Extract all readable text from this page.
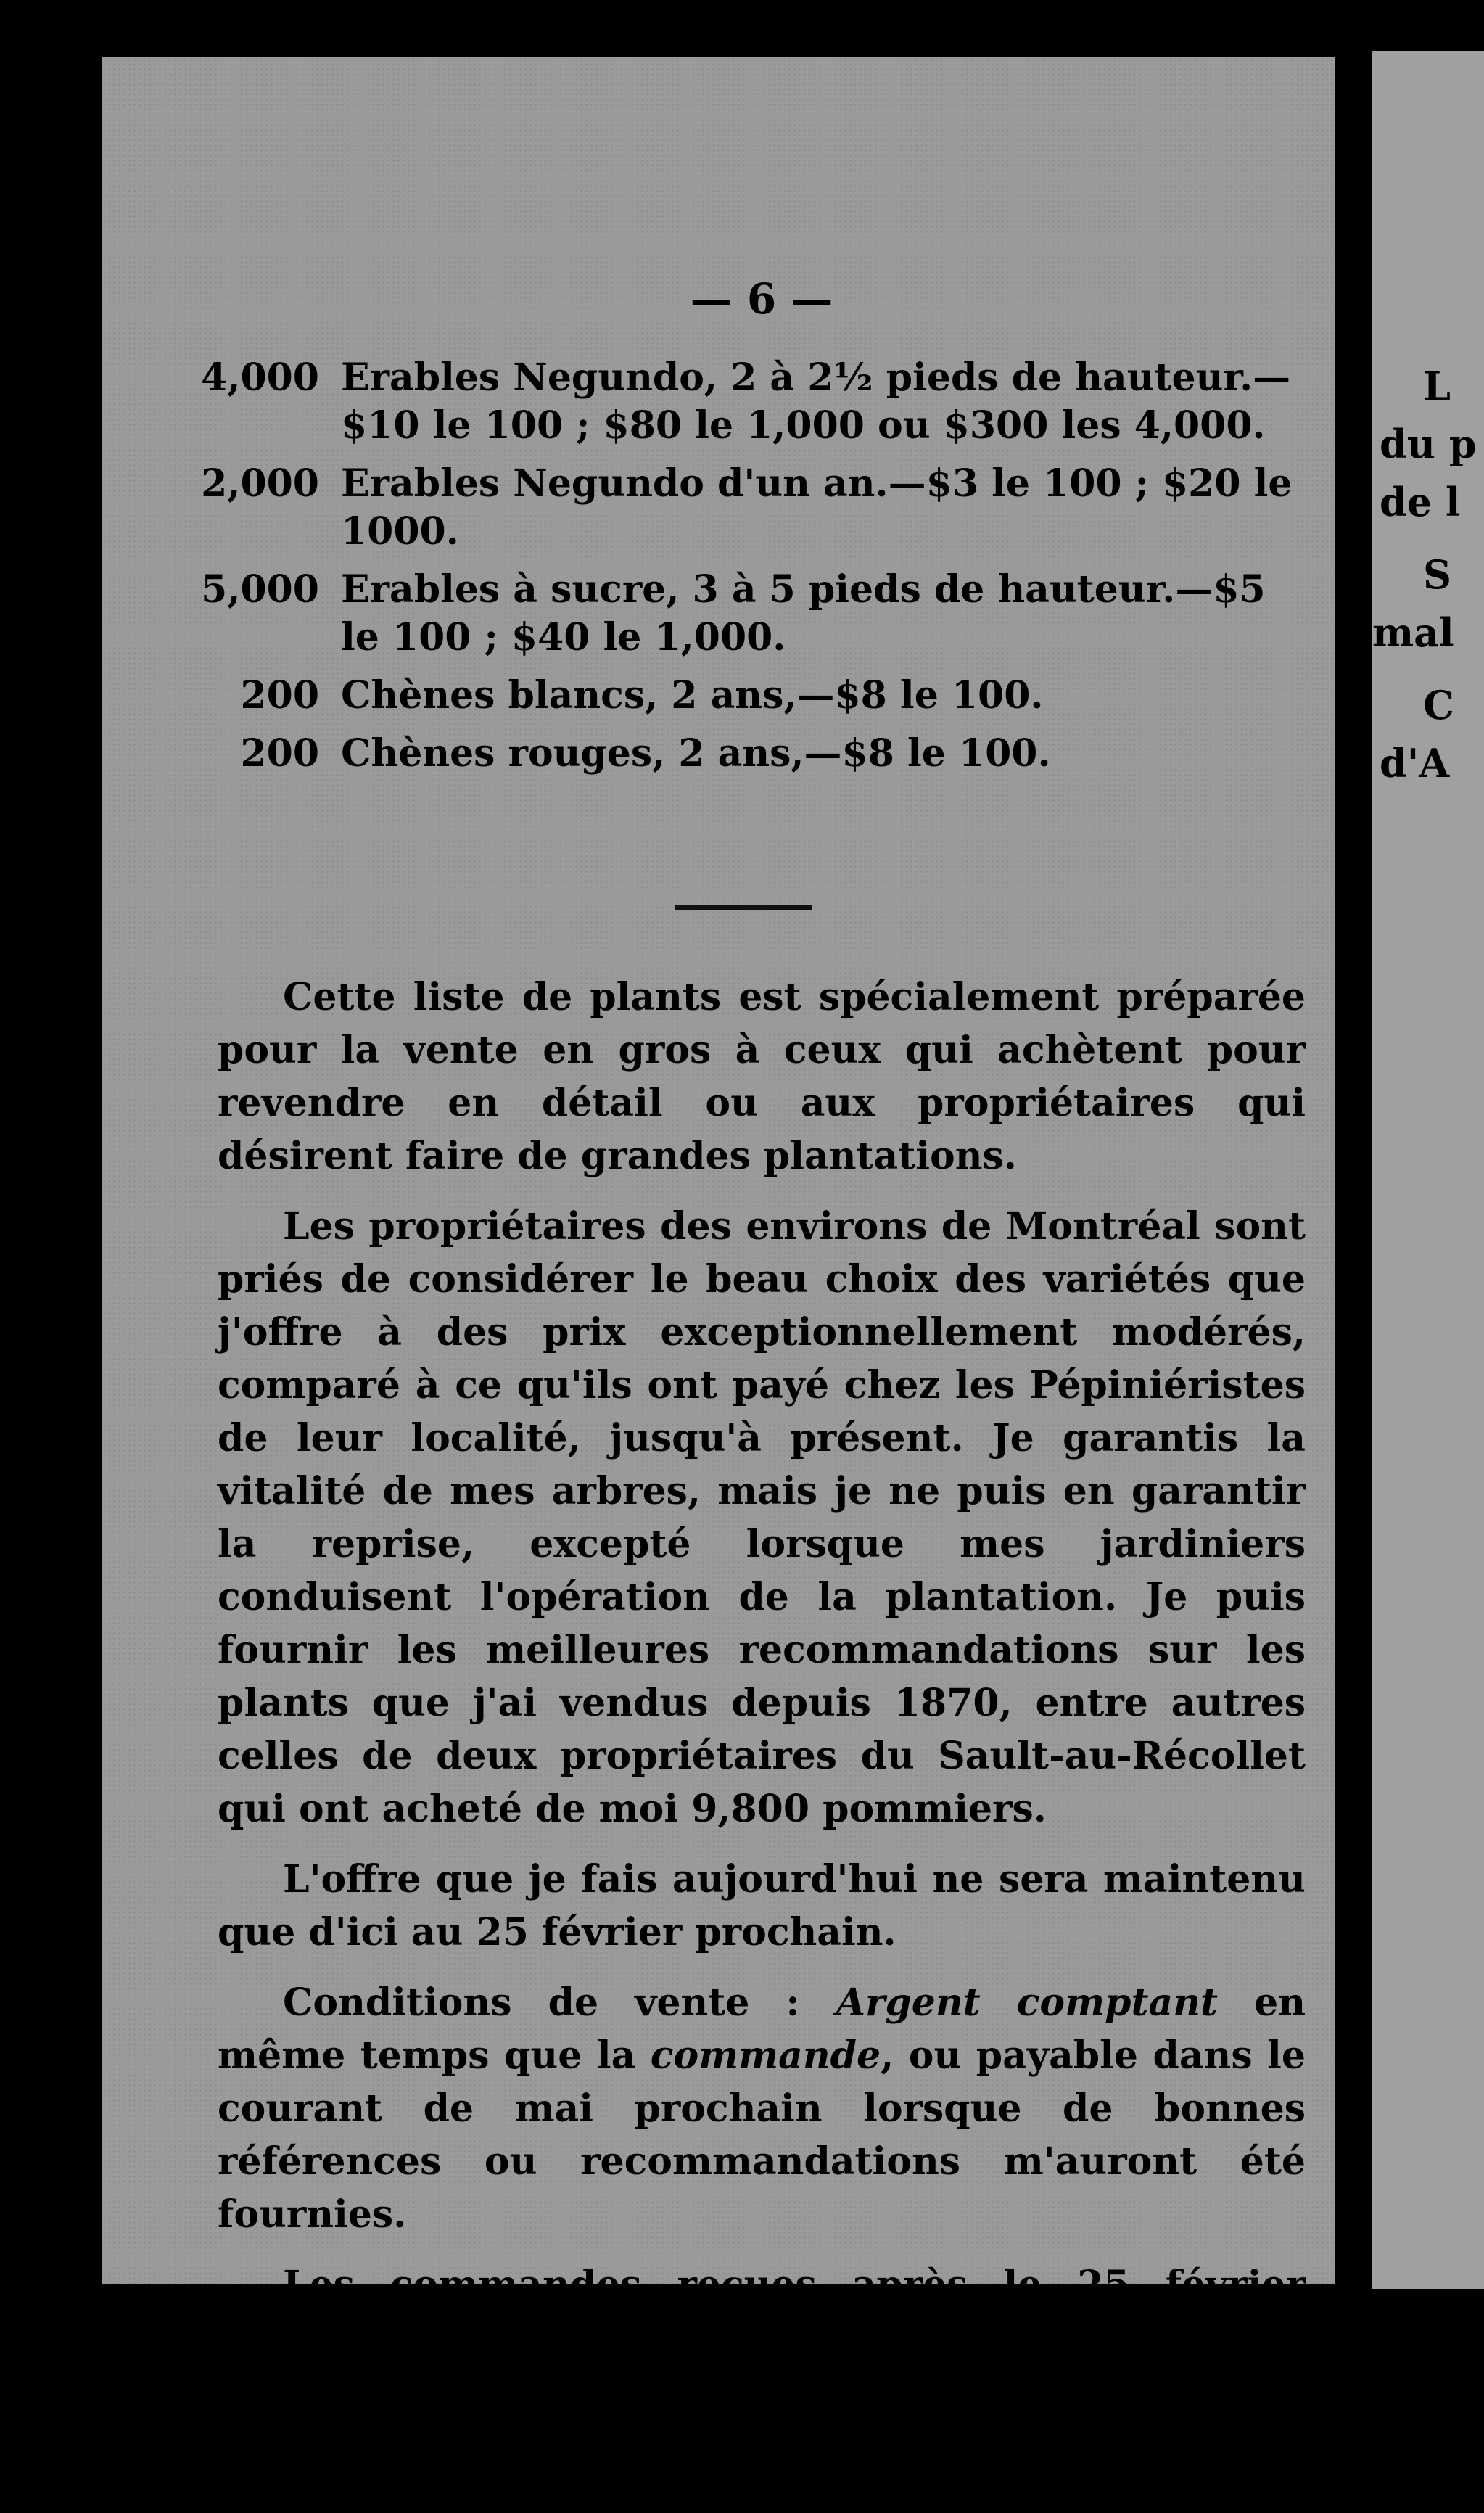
— 6 —
4,000 Erables Negundo, 2 à 2½ pieds de hauteur.—$10 le 100 ; $80 le 1,000 ou $300 les 4,000.
2,000 Erables Negundo d'un an.—$3 le 100 ; $20 le 1000.
5,000 Erables à sucre, 3 à 5 pieds de hauteur.—$5 le 100 ; $40 le 1,000.
200 Chènes blancs, 2 ans,—$8 le 100.
200 Chènes rouges, 2 ans,—$8 le 100.

Cette liste de plants est spécialement préparée pour la vente en gros à ceux qui achètent pour revendre en détail ou aux propriétaires qui désirent faire de grandes plantations.

Les propriétaires des environs de Montréal sont priés de considérer le beau choix des variétés que j'offre à des prix exceptionnellement modérés, comparé à ce qu'ils ont payé chez les Pépiniéristes de leur localité, jusqu'à présent. Je garantis la vitalité de mes arbres, mais je ne puis en garantir la reprise, excepté lorsque mes jardiniers conduisent l'opération de la plantation. Je puis fournir les meilleures recommandations sur les plants que j'ai vendus depuis 1870, entre autres celles de deux propriétaires du Sault-au-Récollet qui ont acheté de moi 9,800 pommiers.

L'offre que je fais aujourd'hui ne sera maintenu que d'ici au 25 février prochain.

Conditions de vente : Argent comptant en même temps que la commande, ou payable dans le courant de mai prochain lorsque de bonnes références ou recommandations m'auront été fournies.

Les commandes reçues après le 25 février seront remplies au prix du Catalogue pour 1883-84.

L
du p
de l
S
mal
C
d'A
